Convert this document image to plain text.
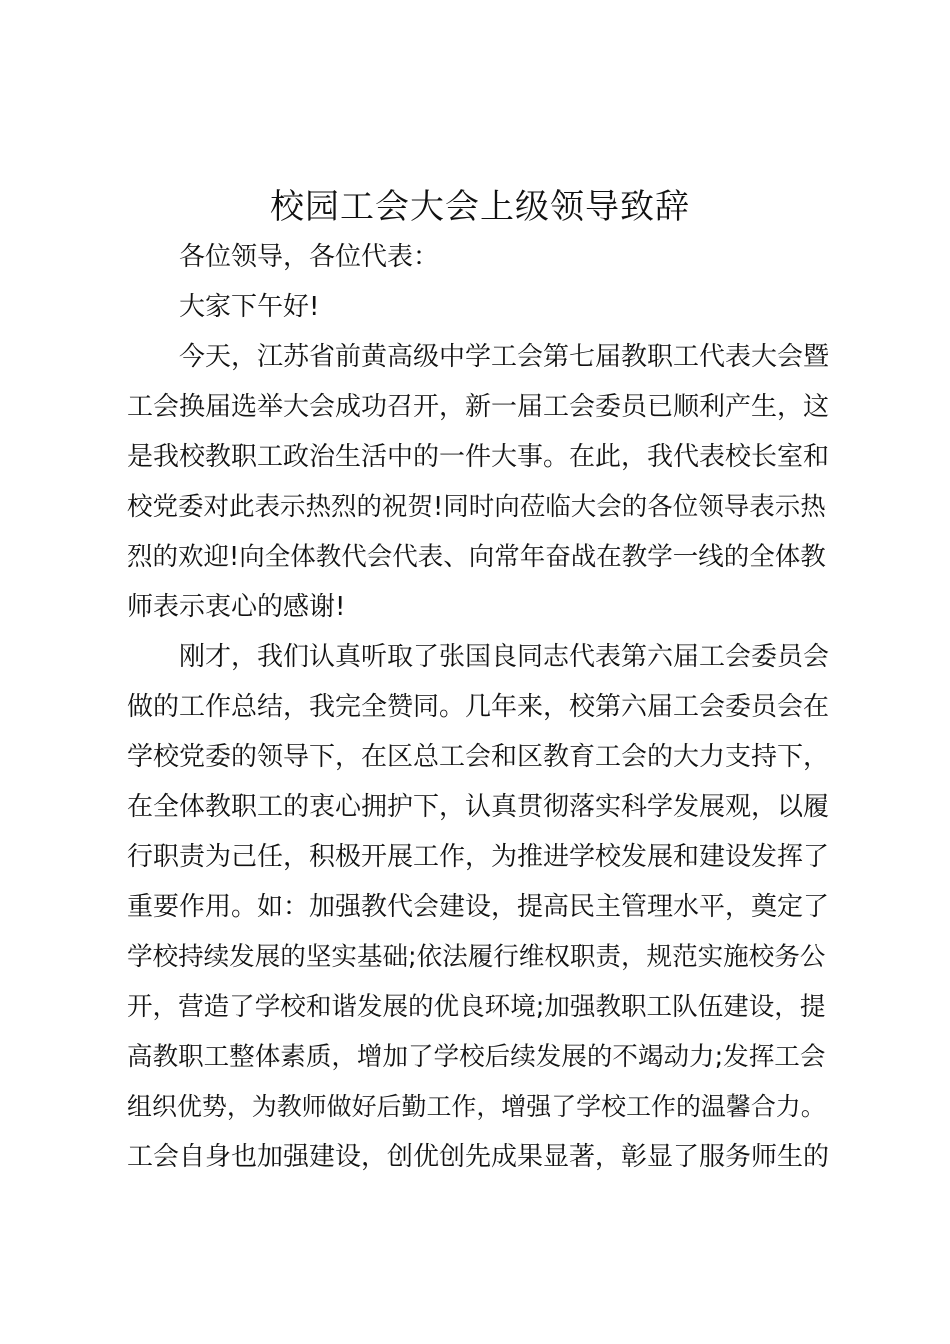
校园工会大会上级领导致辞
各位领导，各位代表：
大家下午好!
今天，江苏省前黄高级中学工会第七届教职工代表大会暨
工会换届选举大会成功召开，新一届工会委员已顺利产生，这
是我校教职工政治生活中的一件大事。在此，我代表校长室和
校党委对此表示热烈的祝贺!同时向莅临大会的各位领导表示热
烈的欢迎!向全体教代会代表、向常年奋战在教学一线的全体教
师表示衷心的感谢!
刚才，我们认真听取了张国良同志代表第六届工会委员会
做的工作总结，我完全赞同。几年来，校第六届工会委员会在
学校党委的领导下，在区总工会和区教育工会的大力支持下，
在全体教职工的衷心拥护下，认真贯彻落实科学发展观，以履
行职责为己任，积极开展工作，为推进学校发展和建设发挥了
重要作用。如：加强教代会建设，提高民主管理水平，奠定了
学校持续发展的坚实基础;依法履行维权职责，规范实施校务公
开，营造了学校和谐发展的优良环境;加强教职工队伍建设，提
高教职工整体素质，增加了学校后续发展的不竭动力;发挥工会
组织优势，为教师做好后勤工作，增强了学校工作的温馨合力。
工会自身也加强建设，创优创先成果显著，彰显了服务师生的
